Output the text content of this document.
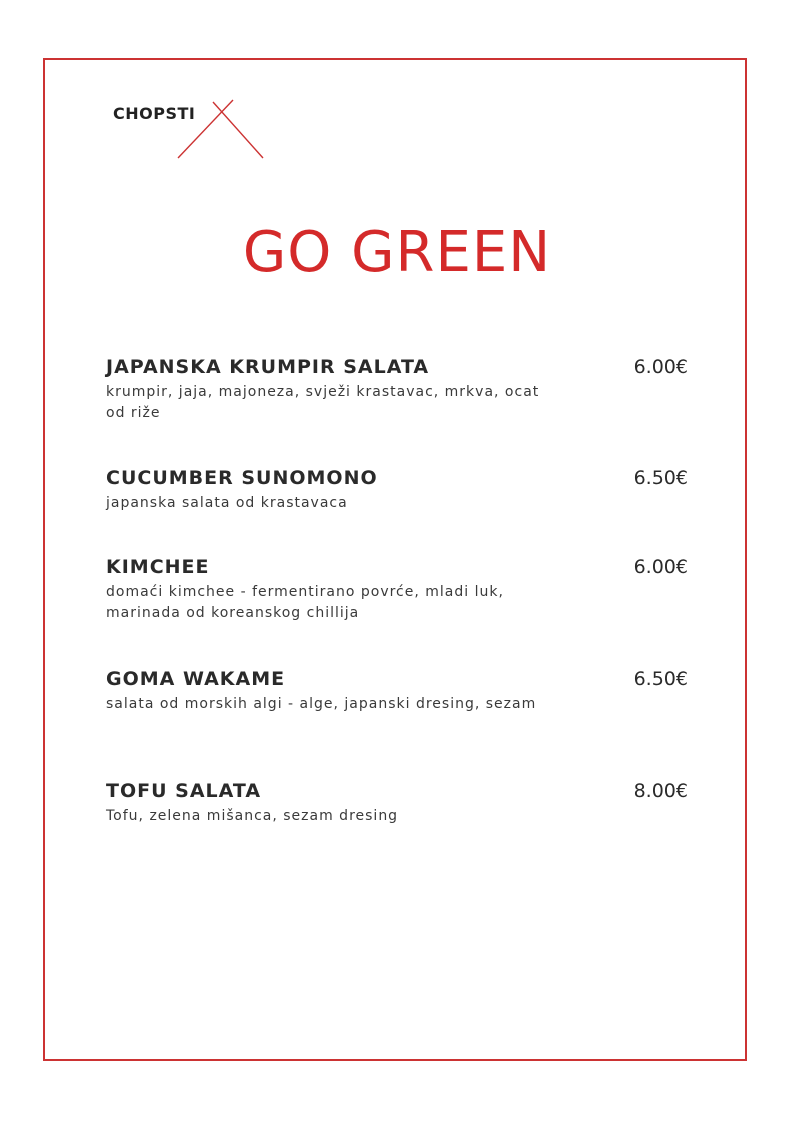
CHOPSTI
GO GREEN
JAPANSKA KRUMPIR SALATA
krumpir, jaja, majoneza, svježi krastavac, mrkva, ocat od riže
6.00€
CUCUMBER SUNOMONO
japanska salata od krastavaca
6.50€
KIMCHEE
domaći kimchee - fermentirano povrće, mladi luk, marinada od koreanskog chillija
6.00€
GOMA WAKAME
salata od morskih algi - alge, japanski dresing, sezam
6.50€
TOFU SALATA
Tofu, zelena mišanca, sezam dresing
8.00€
